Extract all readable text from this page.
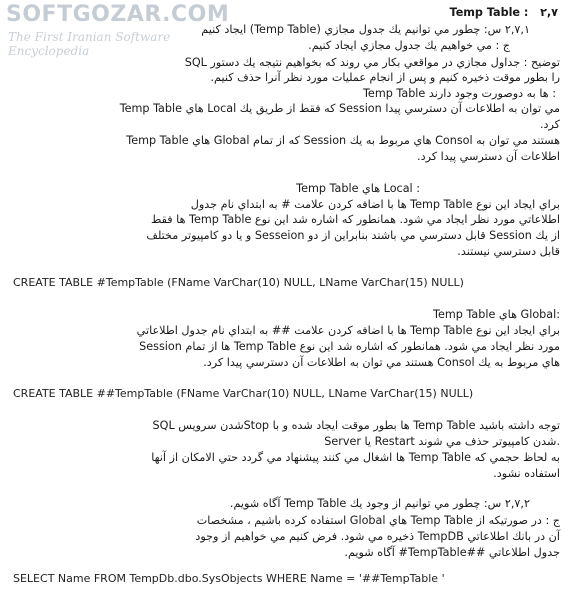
SOFTGOZAR.COM
The First Iranian Software Encyclopedia
Temp Table : ۲,۷
۲,۷,۱ س: چطور مي توانيم يك جدول مجازي (Temp Table) ايجاد كنيم
ج : مي خواهيم يك جدول مجازي ايجاد كنيم.
توضيح : جداول مجازي در مواقعي بكار مي روند كه بخواهيم نتيجه يك دستور SQL
را بطور موقت ذخيره كنيم و پس از انجام عمليات مورد نظر آنرا حذف كنيم.
Temp Table ها به دوصورت وجود دارند :
Temp Table هاي Local كه فقط از طريق يك Session مي توان به اطلاعات آن دسترسي پيدا
كرد.
Temp Table هاي Global كه از تمام Session هاي مربوط به يك Consol هستند مي توان به
اطلاعات آن دسترسي پيدا كرد.
Temp Table هاي Local :
براي ايجاد اين نوع Temp Table ها با اضافه كردن علامت # به ابتداي نام جدول
اطلاعاتي مورد نظر ايجاد مي شود. همانطور كه اشاره شد اين نوع Temp Table ها فقط
از يك Session قابل دسترسي مي باشند بنابراين از دو Sesseion و يا دو كامپيوتر مختلف
قابل دسترسي نيستند.
CREATE TABLE #TempTable (FName VarChar(10) NULL, LName VarChar(15) NULL)
Temp Table هاي Global:
براي ايجاد اين نوع Temp Table ها با اضافه كردن علامت ## به ابتداي نام جدول اطلاعاتي
مورد نظر ايجاد مي شود. همانطور كه اشاره شد اين نوع Temp Table ها از تمام Session
هاي مربوط به يك Consol هستند مي توان به اطلاعات آن دسترسي پيدا كرد.
CREATE TABLE ##TempTable (FName VarChar(10) NULL, LName VarChar(15) NULL)
توجه داشته باشيد Temp Table ها بطور موقت ايجاد شده و با Stopشدن سرويس SQL
Server يا Restart شدن كامپيوتر حذف مي شوند.
به لحاظ حجمي كه Temp Table ها اشغال مي كنند پيشنهاد مي گردد حتي الامكان از آنها
استفاده نشود.
۲,۷,۲ س: چطور مي توانيم از وجود يك Temp Table آگاه شويم.
ج : در صورتيكه از Temp Table هاي Global استفاده كرده باشيم ، مشخصات
آن در بانك اطلاعاتي TempDB ذخيره مي شود. فرض كنيم مي خواهيم از وجود
جدول اطلاعاتي ##TempTable# آگاه شويم.
SELECT Name FROM TempDb.dbo.SysObjects WHERE Name = '##TempTable '
